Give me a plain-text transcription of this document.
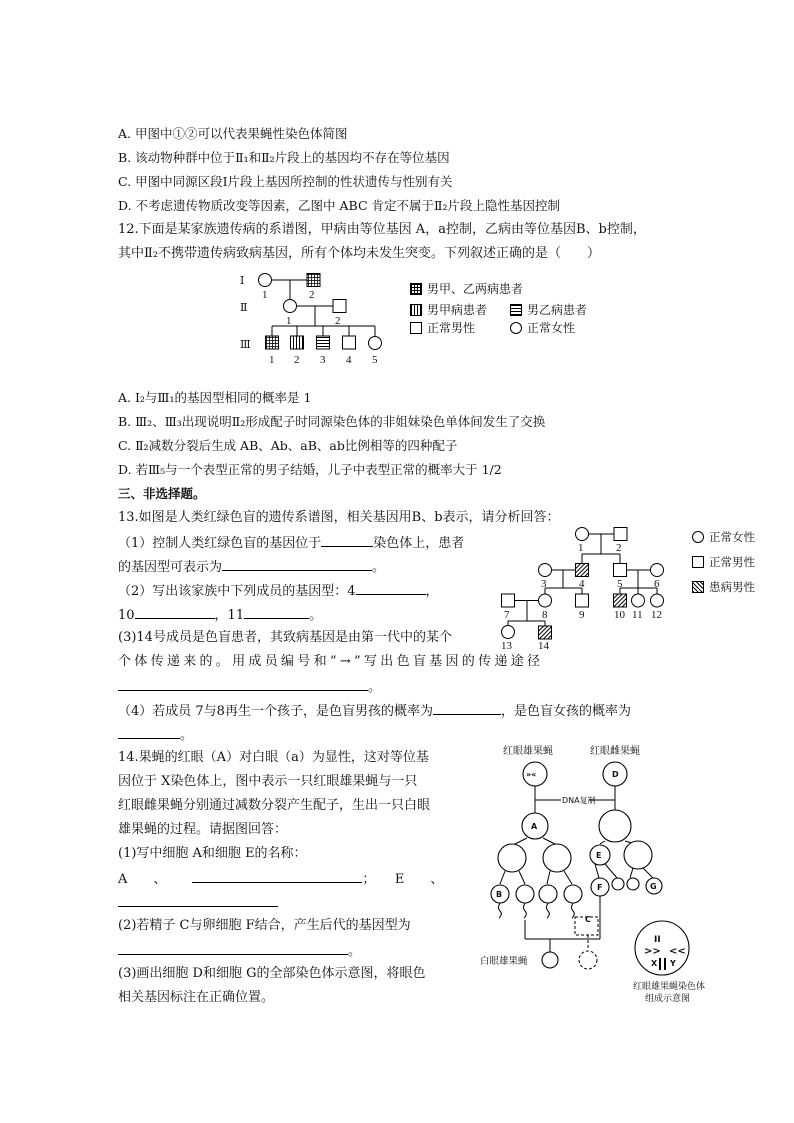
A. 甲图中①②可以代表果蝇性染色体简图
B. 该动物种群中位于Ⅱ₁和Ⅱ₂片段上的基因均不存在等位基因
C. 甲图中同源区段Ⅰ片段上基因所控制的性状遗传与性别有关
D. 不考虑遗传物质改变等因素，乙图中 ABC 肯定不属于Ⅱ₂片段上隐性基因控制
12.下面是某家族遗传病的系谱图，甲病由等位基因 A，a控制，乙病由等位基因B、b控制，
其中Ⅱ₂不携带遗传病致病基因，所有个体均未发生突变。下列叙述正确的是（　　）
Ⅰ
Ⅱ
Ⅲ
1	2
1	2
1 2 3 4 5
男甲、乙两病患者
男甲病患者	男乙病患者
正常男性	正常女性
A. Ⅰ₂与Ⅲ₁的基因型相同的概率是 1
B. Ⅲ₂、Ⅲ₃出现说明Ⅱ₂形成配子时同源染色体的非姐妹染色单体间发生了交换
C. Ⅱ₂减数分裂后生成 AB、Ab、aB、ab比例相等的四种配子
D. 若Ⅲ₅与一个表型正常的男子结婚，儿子中表型正常的概率大于 1/2
三、非选择题。
13.如图是人类红绿色盲的遗传系谱图，相关基因用B、b表示，请分析回答：
（1）控制人类红绿色盲的基因位于	染色体上，患者
的基因型可表示为	。
（2）写出该家族中下列成员的基因型：4	，
10	，11	。
(3)14号成员是色盲患者，其致病基因是由第一代中的某个
个体传递来的。用成员编号和“→”写出色盲基因的传递途径
。
（4）若成员 7与8再生一个孩子，是色盲男孩的概率为	，是色盲女孩的概率为
。
1	2
3	4	5	6
7	8	9	10 11 12
13 14
正常女性
正常男性
患病男性
14.果蝇的红眼（A）对白眼（a）为显性，这对等位基
因位于 X染色体上，图中表示一只红眼雄果蝇与一只
红眼雌果蝇分别通过减数分裂产生配子，生出一只白眼
雄果蝇的过程。请据图回答：
(1)写中细胞 A和细胞 E的名称：
A　　、	；　　E　　、
(2)若精子 C与卵细胞 F结合，产生后代的基因型为
。
(3)画出细胞 D和细胞 G的全部染色体示意图，将眼色
相关基因标注在正确位置。
红眼雄果蝇	红眼雌果蝇
»«	D
DNA复制
A
E
B
F	G
C
白眼雄果蝇
II
>> <<
X Y
红眼雄果蝇染色体
组成示意图
